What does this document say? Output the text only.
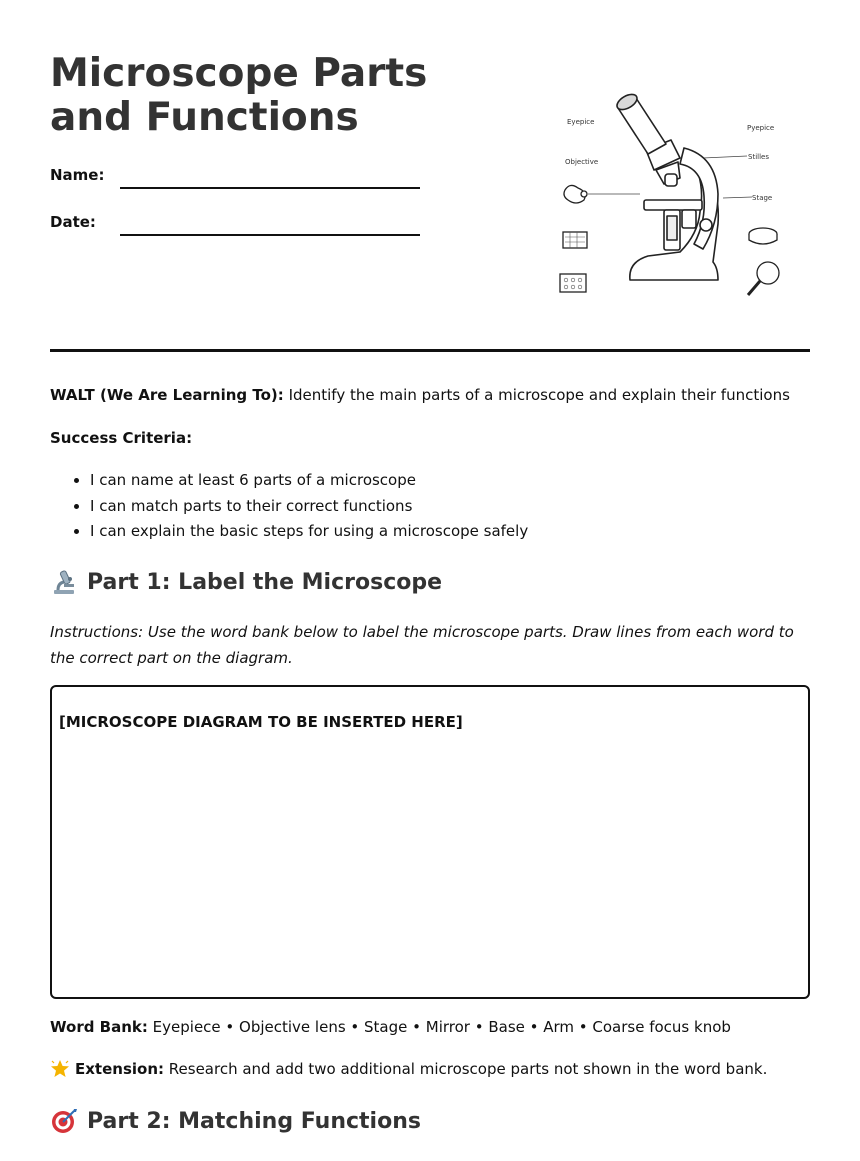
Microscope Parts and Functions
Name:
Date:
Eyepice
Objective
Pyepice
Stilles
Stage
WALT (We Are Learning To): Identify the main parts of a microscope and explain their functions
Success Criteria:
• I can name at least 6 parts of a microscope
• I can match parts to their correct functions
• I can explain the basic steps for using a microscope safely
Part 1: Label the Microscope

Instructions: Use the word bank below to label the microscope parts. Draw lines from each word to the correct part on the diagram.

[MICROSCOPE DIAGRAM TO BE INSERTED HERE]
Word Bank: Eyepiece • Objective lens • Stage • Mirror • Base • Arm • Coarse focus knob
Extension:
Research and add two additional microscope parts not shown in the word bank.
Part 2: Matching Functions
